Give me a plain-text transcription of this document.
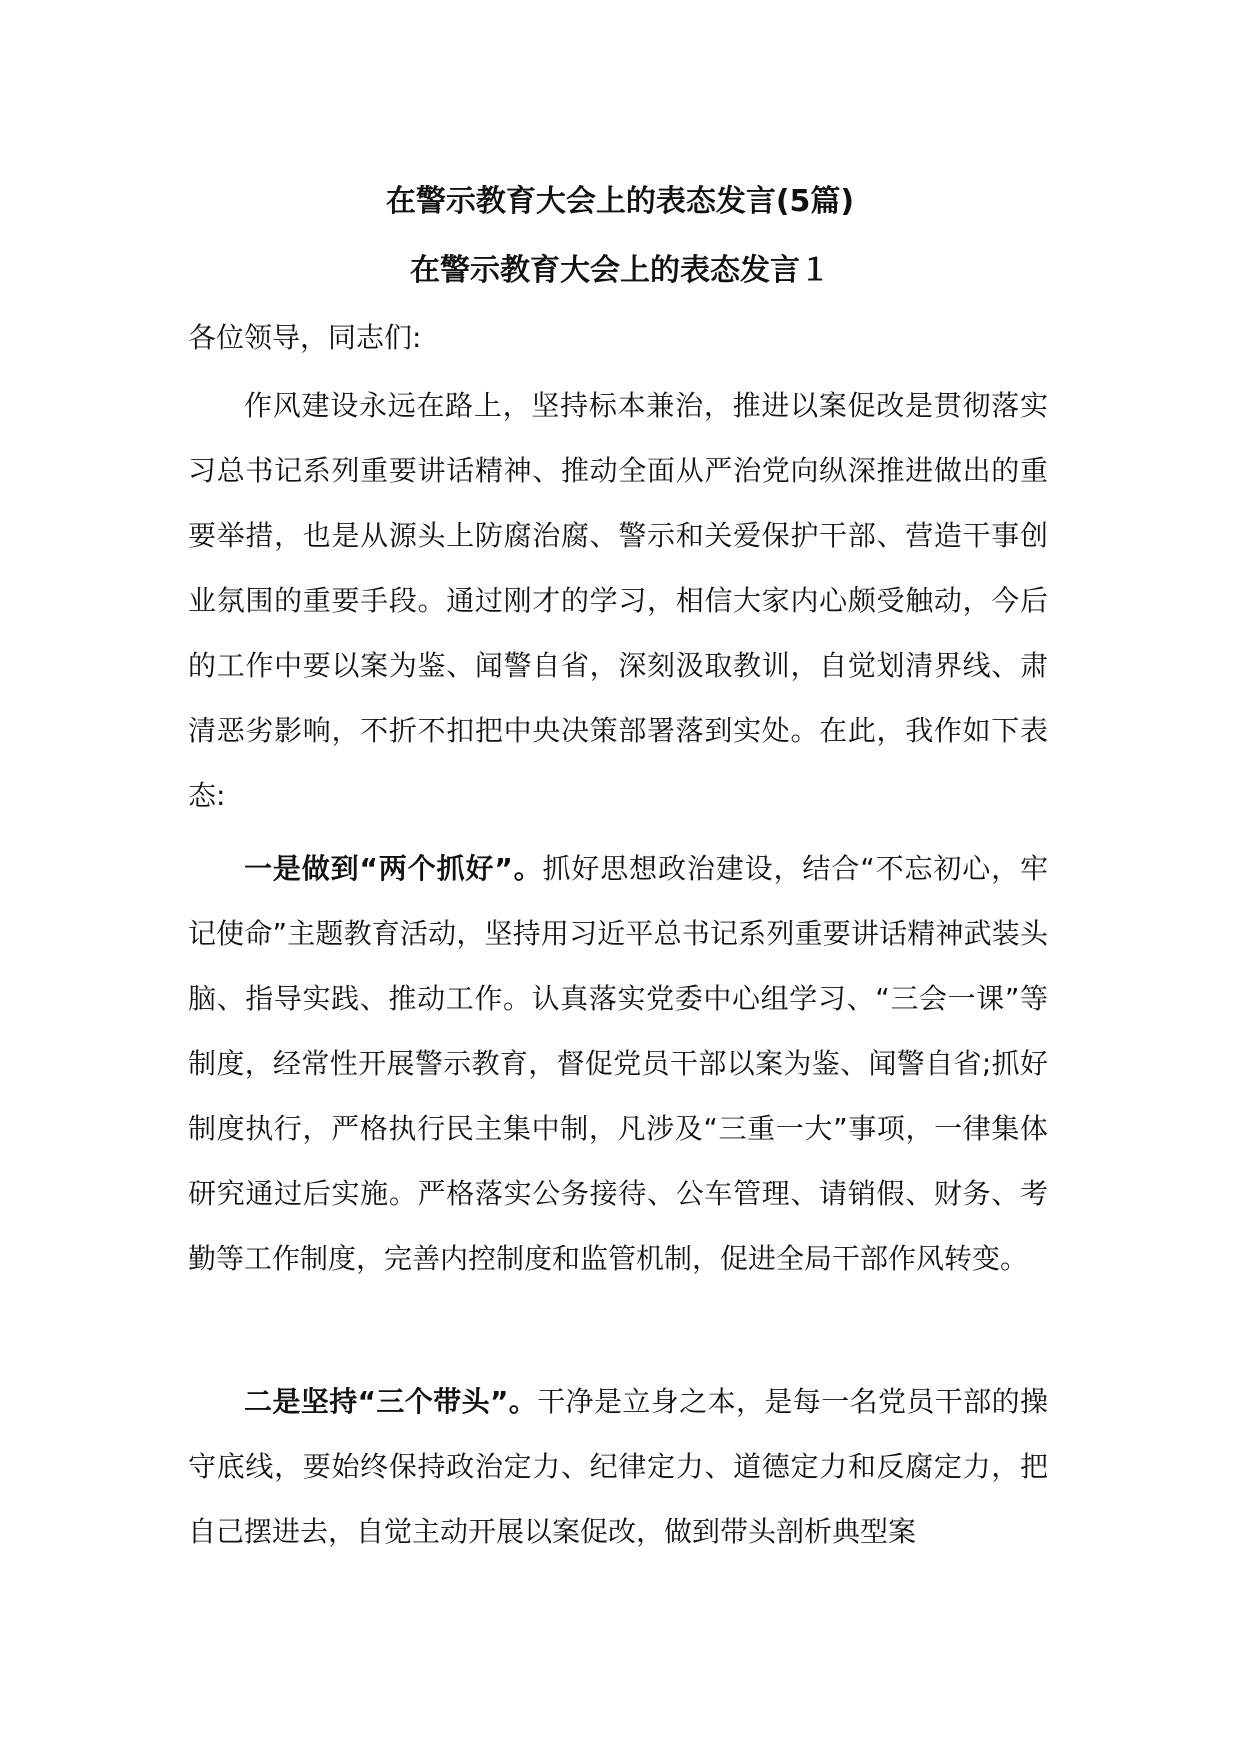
在警示教育大会上的表态发言(5篇)
在警示教育大会上的表态发言１

各位领导，同志们:

作风建设永远在路上，坚持标本兼治，推进以案促改是贯彻落实习总书记系列重要讲话精神、推动全面从严治党向纵深推进做出的重要举措，也是从源头上防腐治腐、警示和关爱保护干部、营造干事创业氛围的重要手段。通过刚才的学习，相信大家内心颇受触动，今后的工作中要以案为鉴、闻警自省，深刻汲取教训，自觉划清界线、肃清恶劣影响，不折不扣把中央决策部署落到实处。在此，我作如下表态:

一是做到“两个抓好”。抓好思想政治建设，结合“不忘初心，牢记使命”主题教育活动，坚持用习近平总书记系列重要讲话精神武装头脑、指导实践、推动工作。认真落实党委中心组学习、“三会一课”等制度，经常性开展警示教育，督促党员干部以案为鉴、闻警自省;抓好制度执行，严格执行民主集中制，凡涉及“三重一大”事项，一律集体研究通过后实施。严格落实公务接待、公车管理、请销假、财务、考勤等工作制度，完善内控制度和监管机制，促进全局干部作风转变。

二是坚持“三个带头”。干净是立身之本，是每一名党员干部的操守底线，要始终保持政治定力、纪律定力、道德定力和反腐定力，把自己摆进去，自觉主动开展以案促改，做到带头剖析典型案
